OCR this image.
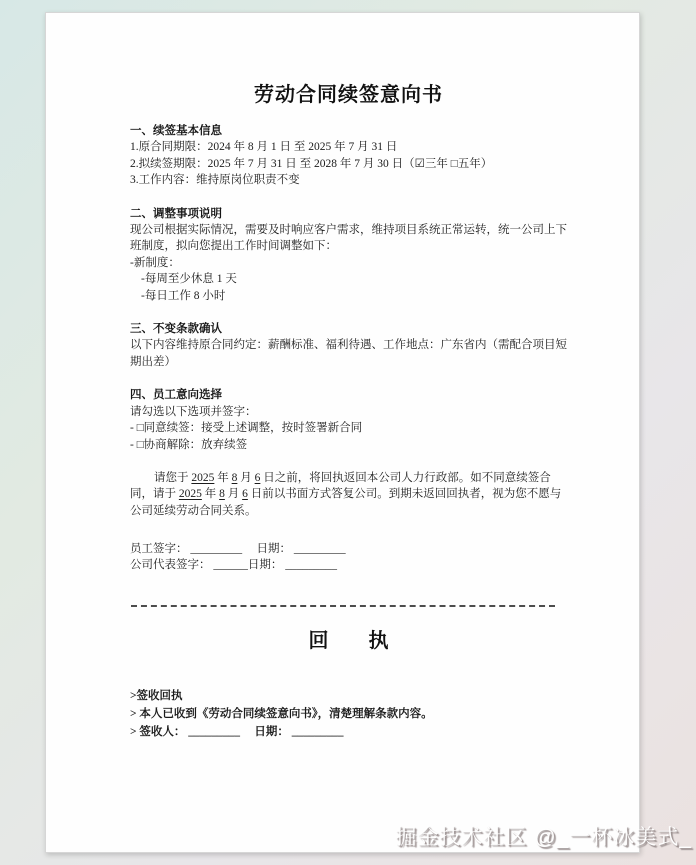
劳动合同续签意向书

一、续签基本信息

1.原合同期限：2024 年 8 月 1 日 至 2025 年 7 月 31 日

2.拟续签期限：2025 年 7 月 31 日 至 2028 年 7 月 30 日（☑三年 □五年）

3.工作内容：维持原岗位职责不变

二、调整事项说明

现公司根据实际情况，需要及时响应客户需求，维持项目系统正常运转，统一公司上下班制度，拟向您提出工作时间调整如下：

-新制度：

-每周至少休息 1 天

-每日工作 8 小时

三、不变条款确认

以下内容维持原合同约定：薪酬标准、福利待遇、工作地点：广东省内（需配合项目短期出差）

四、员工意向选择

请勾选以下选项并签字：

- □同意续签：接受上述调整，按时签署新合同

- □协商解除：放弃续签

请您于 2025 年 8 月 6 日之前，将回执返回本公司人力行政部。如不同意续签合同，请于 2025 年 8 月 6 日前以书面方式答复公司。到期未返回回执者，视为您不愿与公司延续劳动合同关系。

员工签字： _________　 日期： _________

公司代表签字： ______日期： _________

回　　执

>签收回执

> 本人已收到《劳动合同续签意向书》，清楚理解条款内容。

> 签收人： _________　 日期： _________

掘金技术社区 @_一杯冰美式_
